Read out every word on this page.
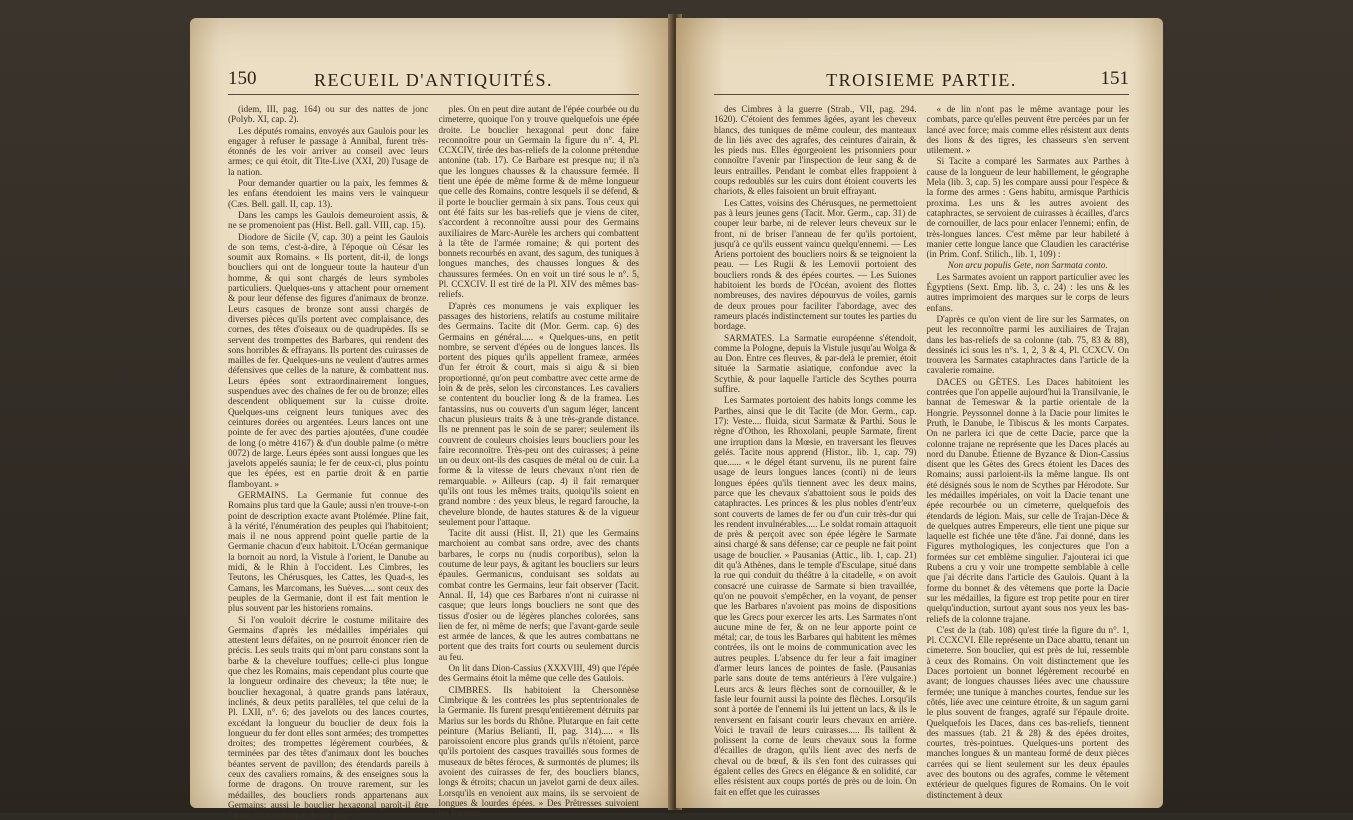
150	RECUEIL D'ANTIQUITÉS.

(idem, III, pag. 164) ou sur des nattes de jonc (Polyb. XI, cap. 2).

Les députés romains, envoyés aux Gaulois pour les engager à refuser le passage à Annibal, furent très-étonnés de les voir arriver au conseil avec leurs armes; ce qui étoit, dit Tite-Live (XXI, 20) l'usage de la nation.

Pour demander quartier ou la paix, les femmes & les enfans étendoient les mains vers le vainqueur (Cæs. Bell. gall. II, cap. 13).

Dans les camps les Gaulois demeuroient assis, & ne se promenoient pas (Hist. Bell. gall. VIII, cap. 15).

Diodore de Sicile (V, cap. 30) a peint les Gaulois de son tems, c'est-à-dire, à l'époque où César les soumit aux Romains. « Ils portent, dit-il, de longs boucliers qui ont de longueur toute la hauteur d'un homme, & qui sont chargés de leurs symboles particuliers. Quelques-uns y attachent pour ornement & pour leur défense des figures d'animaux de bronze. Leurs casques de bronze sont aussi chargés de diverses pièces qu'ils portent avec complaisance, des cornes, des têtes d'oiseaux ou de quadrupèdes. Ils se servent des trompettes des Barbares, qui rendent des sons horribles & effrayans. Ils portent des cuirasses de mailles de fer. Quelques-uns ne veulent d'autres armes défensives que celles de la nature, & combattent nus. Leurs épées sont extraordinairement longues, suspendues avec des chaînes de fer ou de bronze; elles descendent obliquement sur la cuisse droite. Quelques-uns ceignent leurs tuniques avec des ceintures dorées ou argentées. Leurs lances ont une pointe de fer avec des parties ajoutées, d'une coudée de long (o mètre 4167) & d'un double palme (o mètre 0072) de large. Leurs épées sont aussi longues que les javelots appelés saunia; le fer de ceux-ci, plus pointu que les épées, est en partie droit & en partie flamboyant. »

GERMAINS. La Germanie fut connue des Romains plus tard que la Gaule; aussi n'en trouve-t-on point de description exacte avant Ptolémée. Pline fait, à la vérité, l'énumération des peuples qui l'habitoient; mais il ne nous apprend point quelle partie de la Germanie chacun d'eux habitoit. L'Océan germanique la bornoit au nord, la Vistule à l'orient, le Danube au midi, & le Rhin à l'occident. Les Cimbres, les Teutons, les Chérusques, les Cattes, les Quad-s, les Camans, les Marcomans, les Suèves..... sont ceux des peuples de la Germanie, dont il est fait mention le plus souvent par les historiens romains.

Si l'on vouloit décrire le costume militaire des Germains d'après les médailles impériales qui attestent leurs défaites, on ne pourroit énoncer rien de précis. Les seuls traits qui m'ont paru constans sont la barbe & la chevelure touffues; celle-ci plus longue que chez les Romains, mais cependant plus courte que la longueur ordinaire des cheveux; la tête nue; le bouclier hexagonal, à quatre grands pans latéraux, inclinés, & deux petits parallèles, tel que celui de la Pl. LXII, n°. 6; des javelots ou des lances courtes, excédant la longueur du bouclier de deux fois la longueur du fer dont elles sont armées; des trompettes droites; des trompettes légèrement courbées, & terminées par des têtes d'animaux dont les bouches béantes servent de pavillon; des étendards pareils à ceux des cavaliers romains, & des enseignes sous la forme de dragons. On trouve rarement, sur les médailles, des boucliers ronds appartenans aux Germains; aussi le bouclier hexagonal paroît-il être l'arme caractéristique de ces peu-

ples. On en peut dire autant de l'épée courbée ou du cimeterre, quoique l'on y trouve quelquefois une épée droite. Le bouclier hexagonal peut donc faire reconnoître pour un Germain la figure du n°. 4, Pl. CCXCIV, tirée des bas-reliefs de la colonne prétendue antonine (tab. 17). Ce Barbare est presque nu; il n'a que les longues chausses & la chaussure fermée. Il tient une épée de même forme & de même longueur que celle des Romains, contre lesquels il se défend, & il porte le bouclier germain à six pans. Tous ceux qui ont été faits sur les bas-reliefs que je viens de citer, s'accordent à reconnoître aussi pour des Germains auxiliaires de Marc-Aurèle les archers qui combattent à la tête de l'armée romaine; & qui portent des bonnets recourbés en avant, des sagum, des tuniques à longues manches, des chausses longues & des chaussures fermées. On en voit un tiré sous le n°. 5, Pl. CCXCIV. Il est tiré de la Pl. XIV des mêmes bas-reliefs.

D'après ces monumens je vais expliquer les passages des historiens, relatifs au costume militaire des Germains. Tacite dit (Mor. Germ. cap. 6) des Germains en général..... « Quelques-uns, en petit nombre, se servent d'épées ou de longues lances. Ils portent des piques qu'ils appellent frameæ, armées d'un fer étroit & court, mais si aigu & si bien proportionné, qu'on peut combattre avec cette arme de loin & de près, selon les circonstances. Les cavaliers se contentent du bouclier long & de la framea. Les fantassins, nus ou couverts d'un sagum léger, lancent chacun plusieurs traits & à une très-grande distance. Ils ne prennent pas le soin de se parer; seulement ils couvrent de couleurs choisies leurs boucliers pour les faire reconnoître. Très-peu ont des cuirasses; à peine un ou deux ont-ils des casques de métal ou de cuir. La forme & la vitesse de leurs chevaux n'ont rien de remarquable. » Ailleurs (cap. 4) il fait remarquer qu'ils ont tous les mêmes traits, quoiqu'ils soient en grand nombre : des yeux bleus, le regard farouche, la chevelure blonde, de hautes statures & de la vigueur seulement pour l'attaque.

Tacite dit aussi (Hist. II, 21) que les Germains marchoient au combat sans ordre, avec des chants barbares, le corps nu (nudis corporibus), selon la coutume de leur pays, & agitant les boucliers sur leurs épaules. Germanicus, conduisant ses soldats au combat contre les Germains, leur fait observer (Tacit. Annal. II, 14) que ces Barbares n'ont ni cuirasse ni casque; que leurs longs boucliers ne sont que des tissus d'osier ou de légères planches colorées, sans lien de fer, ni même de nerfs; que l'avant-garde seule est armée de lances, & que les autres combattans ne portent que des traits fort courts ou seulement durcis au feu.

On lit dans Dion-Cassius (XXXVIII, 49) que l'épée des Germains étoit la même que celle des Gaulois.

CIMBRES. Ils habitoient la Chersonnèse Cimbrique & les contrées les plus septentrionales de la Germanie. Ils furent presqu'entièrement détruits par Marius sur les bords du Rhône. Plutarque en fait cette peinture (Marius Belianti, II, pag. 314)..... « Ils paroissoient encore plus grands qu'ils n'étoient, parce qu'ils portoient des casques travaillés sous formes de museaux de bêtes féroces, & surmontés de plumes; ils avoient des cuirasses de fer, des boucliers blancs, longs & étroits; chacun un javelot garni de deux ailes. Lorsqu'ils en venoient aux mains, ils se servoient de longues & lourdes épées. » Des Prêtresses suivoient les femmes

TROISIEME PARTIE.	151

des Cimbres à la guerre (Strab., VII, pag. 294. 1620). C'étoient des femmes âgées, ayant les cheveux blancs, des tuniques de même couleur, des manteaux de lin liés avec des agrafes, des ceintures d'airain, & les pieds nus. Elles égorgeoient les prisonniers pour connoître l'avenir par l'inspection de leur sang & de leurs entrailles. Pendant le combat elles frappoient à coups redoublés sur les cuirs dont étoient couverts les chariots, & elles faisoient un bruit effrayant.

Les Cattes, voisins des Chérusques, ne permettoient pas à leurs jeunes gens (Tacit. Mor. Germ., cap. 31) de couper leur barbe, ni de relever leurs cheveux sur le front, ni de briser l'anneau de fer qu'ils portoient, jusqu'à ce qu'ils eussent vaincu quelqu'ennemi. — Les Ariens portoient des boucliers noirs & se teignoient la peau. — Les Rugii & les Lemovii portoient des boucliers ronds & des épées courtes. — Les Suiones habitoient les bords de l'Océan, avoient des flottes nombreuses, des navires dépourvus de voiles, garnis de deux proues pour faciliter l'abordage, avec des rameurs placés indistinctement sur toutes les parties du bordage.

SARMATES. La Sarmatie européenne s'étendoit, comme la Pologne, depuis la Vistule jusqu'au Wolga & au Don. Entre ces fleuves, & par-delà le premier, étoit située la Sarmatie asiatique, confondue avec la Scythie, & pour laquelle l'article des Scythes pourra suffire.

Les Sarmates portoient des habits longs comme les Parthes, ainsi que le dit Tacite (de Mor. Germ., cap. 17): Veste.... fluida, sicut Sarmatæ & Parthi. Sous le règne d'Othon, les Rhoxolani, peuple Sarmate, firent une irruption dans la Mœsie, en traversant les fleuves gelés. Tacite nous apprend (Histor., lib. 1, cap. 79) que...... « le dégel étant survenu, ils ne purent faire usage de leurs longues lances (conti) ni de leurs longues épées qu'ils tiennent avec les deux mains, parce que les chevaux s'abattoient sous le poids des cataphractes. Les princes & les plus nobles d'entr'eux sont couverts de lames de fer ou d'un cuir très-dur qui les rendent invulnérables..... Le soldat romain attaquoit de près & perçoit avec son épée légère le Sarmate ainsi chargé & sans défense; car ce peuple ne fait point usage de bouclier. » Pausanias (Attic., lib. 1, cap. 21) dit qu'à Athènes, dans le temple d'Esculape, situé dans la rue qui conduit du théâtre à la citadelle, « on avoit consacré une cuirasse de Sarmate si bien travaillée, qu'on ne pouvoit s'empêcher, en la voyant, de penser que les Barbares n'avoient pas moins de dispositions que les Grecs pour exercer les arts. Les Sarmates n'ont aucune mine de fer, & on ne leur apporte point ce métal; car, de tous les Barbares qui habitent les mêmes contrées, ils ont le moins de communication avec les autres peuples. L'absence du fer leur a fait imaginer d'armer leurs lances de pointes de fasle. (Pausanias parle sans doute de tems antérieurs à l'ère vulgaire.) Leurs arcs & leurs flèches sont de cornouiller, & le fasle leur fournit aussi la pointe des flèches. Lorsqu'ils sont à portée de l'ennemi ils lui jettent un lacs, & ils le renversent en faisant courir leurs chevaux en arrière. Voici le travail de leurs cuirasses..... Ils taillent & polissent la corne de leurs chevaux sous la forme d'écailles de dragon, qu'ils lient avec des nerfs de cheval ou de bœuf, & ils s'en font des cuirasses qui égalent celles des Grecs en élégance & en solidité, car elles résistent aux coups portés de près ou de loin. On fait en effet que les cuirasses

« de lin n'ont pas le même avantage pour les combats, parce qu'elles peuvent être percées par un fer lancé avec force; mais comme elles résistent aux dents des lions & des tigres, les chasseurs s'en servent utilement. »

Si Tacite a comparé les Sarmates aux Parthes à cause de la longueur de leur habillement, le géographe Mela (lib. 3, cap. 5) les compare aussi pour l'espèce & la forme des armes : Gens habitu, armisque Parthicis proxima. Les uns & les autres avoient des cataphractes, se servoient de cuirasses à écailles, d'arcs de cornouiller, de lacs pour enlacer l'ennemi; enfin, de très-longues lances. C'est même par leur habileté à manier cette longue lance que Claudien les caractérise (in Prim. Conf. Stilich., lib. 1, 109) :

Non arcu populis Gete, non Sarmata conto.

Les Sarmates avoient un rapport particulier avec les Égyptiens (Sext. Emp. lib. 3, c. 24) : les uns & les autres imprimoient des marques sur le corps de leurs enfans.

D'après ce qu'on vient de lire sur les Sarmates, on peut les reconnoître parmi les auxiliaires de Trajan dans les bas-reliefs de sa colonne (tab. 75, 83 & 88), dessinés ici sous les n°s. 1, 2, 3 & 4, Pl. CCXCV. On trouvera les Sarmates cataphractes dans l'article de la cavalerie romaine.

DACES ou GÈTES. Les Daces habitoient les contrées que l'on appelle aujourd'hui la Transilvanie, le bannat de Temeswar & la partie orientale de la Hongrie. Peyssonnel donne à la Dacie pour limites le Pruth, le Danube, le Tibiscus & les monts Carpates. On ne parlera ici que de cette Dacie, parce que la colonne trajane ne représente que les Daces placés au nord du Danube. Étienne de Byzance & Dion-Cassius disent que les Gètes des Grecs étoient les Daces des Romains; aussi parloient-ils la même langue. Ils ont été désignés sous le nom de Scythes par Hérodote. Sur les médailles impériales, on voit la Dacie tenant une épée recourbée ou un cimeterre, quelquefois des étendards de légion. Mais, sur celle de Trajan-Dèce & de quelques autres Empereurs, elle tient une pique sur laquelle est fichée une tête d'âne. J'ai donné, dans les Figures mythologiques, les conjectures que l'on a formées sur cet emblème singulier. J'ajouterai ici que Rubens a cru y voir une trompette semblable à celle que j'ai décrite dans l'article des Gaulois. Quant à la forme du bonnet & des vêtemens que porte la Dacie sur les médailles, la figure est trop petite pour en tirer quelqu'induction, surtout ayant sous nos yeux les bas-reliefs de la colonne trajane.

C'est de la (tab. 108) qu'est tirée la figure du n°. 1, Pl. CCXCVI. Elle représente un Dace abattu, tenant un cimeterre. Son bouclier, qui est près de lui, ressemble à ceux des Romains. On voit distinctement que les Daces portoient un bonnet légèrement recourbé en avant; de longues chausses liées avec une chaussure fermée; une tunique à manches courtes, fendue sur les côtés, liée avec une ceinture étroite, & un sagum garni le plus souvent de franges, agrafé sur l'épaule droite. Quelquefois les Daces, dans ces bas-reliefs, tiennent des massues (tab. 21 & 28) & des épées droites, courtes, très-pointues. Quelques-uns portent des manches longues & un manteau formé de deux pièces carrées qui se lient seulement sur les deux épaules avec des boutons ou des agrafes, comme le vêtement extérieur de quelques figures de Romains. On le voit distinctement à deux
